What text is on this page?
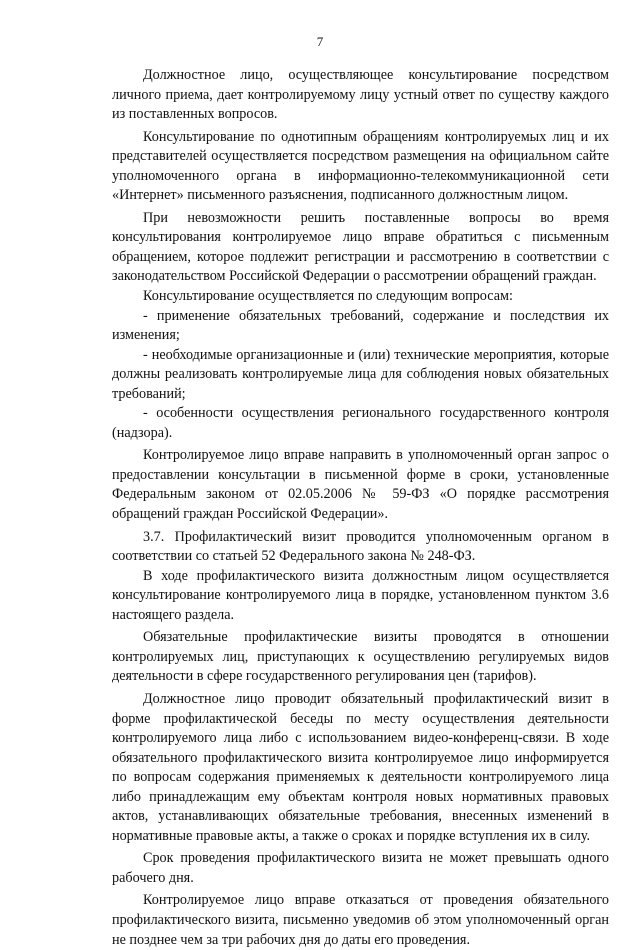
7

Должностное лицо, осуществляющее консультирование посредством личного приема, дает контролируемому лицу устный ответ по существу каждого из поставленных вопросов.

Консультирование по однотипным обращениям контролируемых лиц и их представителей осуществляется посредством размещения на официальном сайте уполномоченного органа в информационно-телекоммуникационной сети «Интернет» письменного разъяснения, подписанного должностным лицом.

При невозможности решить поставленные вопросы во время консультирования контролируемое лицо вправе обратиться с письменным обращением, которое подлежит регистрации и рассмотрению в соответствии с законодательством Российской Федерации о рассмотрении обращений граждан.

Консультирование осуществляется по следующим вопросам:

- применение обязательных требований, содержание и последствия их изменения;

- необходимые организационные и (или) технические мероприятия, которые должны реализовать контролируемые лица для соблюдения новых обязательных требований;

- особенности осуществления регионального государственного контроля (надзора).

Контролируемое лицо вправе направить в уполномоченный орган запрос о предоставлении консультации в письменной форме в сроки, установленные Федеральным законом от 02.05.2006 № 59-ФЗ «О порядке рассмотрения обращений граждан Российской Федерации».

3.7. Профилактический визит проводится уполномоченным органом в соответствии со статьей 52 Федерального закона № 248-ФЗ.

В ходе профилактического визита должностным лицом осуществляется консультирование контролируемого лица в порядке, установленном пунктом 3.6 настоящего раздела.

Обязательные профилактические визиты проводятся в отношении контролируемых лиц, приступающих к осуществлению регулируемых видов деятельности в сфере государственного регулирования цен (тарифов).

Должностное лицо проводит обязательный профилактический визит в форме профилактической беседы по месту осуществления деятельности контролируемого лица либо с использованием видео-конференц-связи. В ходе обязательного профилактического визита контролируемое лицо информируется по вопросам содержания применяемых к деятельности контролируемого лица либо принадлежащим ему объектам контроля новых нормативных правовых актов, устанавливающих обязательные требования, внесенных изменений в нормативные правовые акты, а также о сроках и порядке вступления их в силу.

Срок проведения профилактического визита не может превышать одного рабочего дня.

Контролируемое лицо вправе отказаться от проведения обязательного профилактического визита, письменно уведомив об этом уполномоченный орган не позднее чем за три рабочих дня до даты его проведения.
